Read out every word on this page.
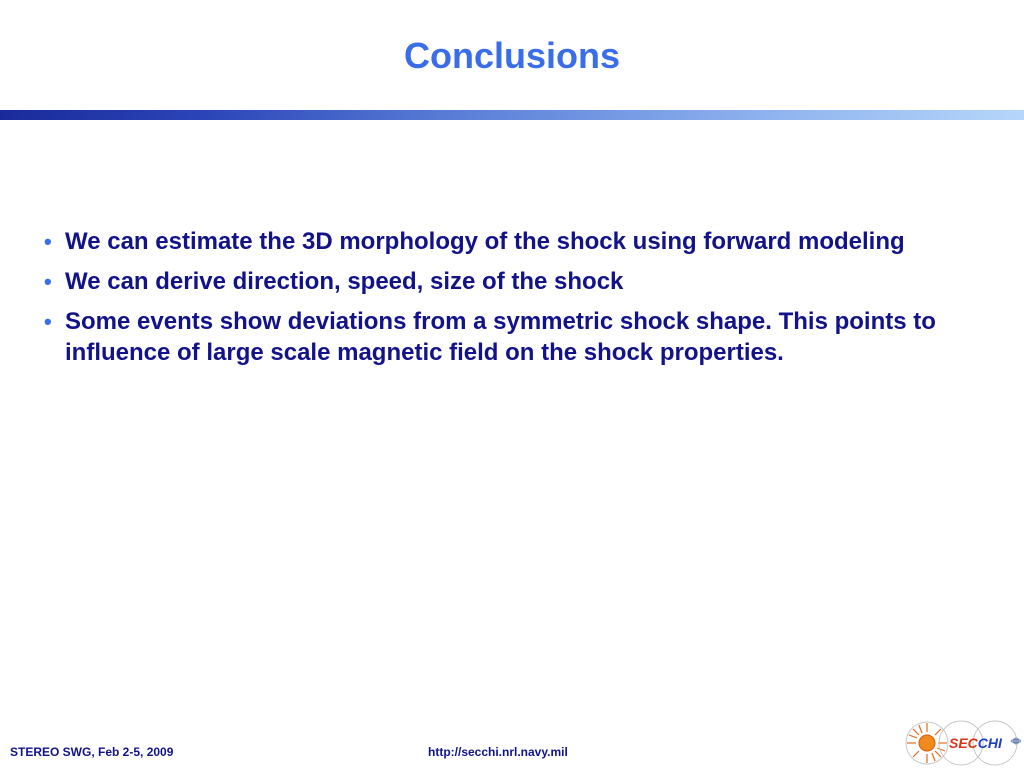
Conclusions
• We can estimate the 3D morphology of the shock using forward modeling
• We can derive direction, speed, size of the shock
• Some events show deviations from a symmetric shock shape. This points to influence of large scale magnetic field on the shock properties.
STEREO SWG, Feb 2-5, 2009	http://secchi.nrl.navy.mil
SECCHI
